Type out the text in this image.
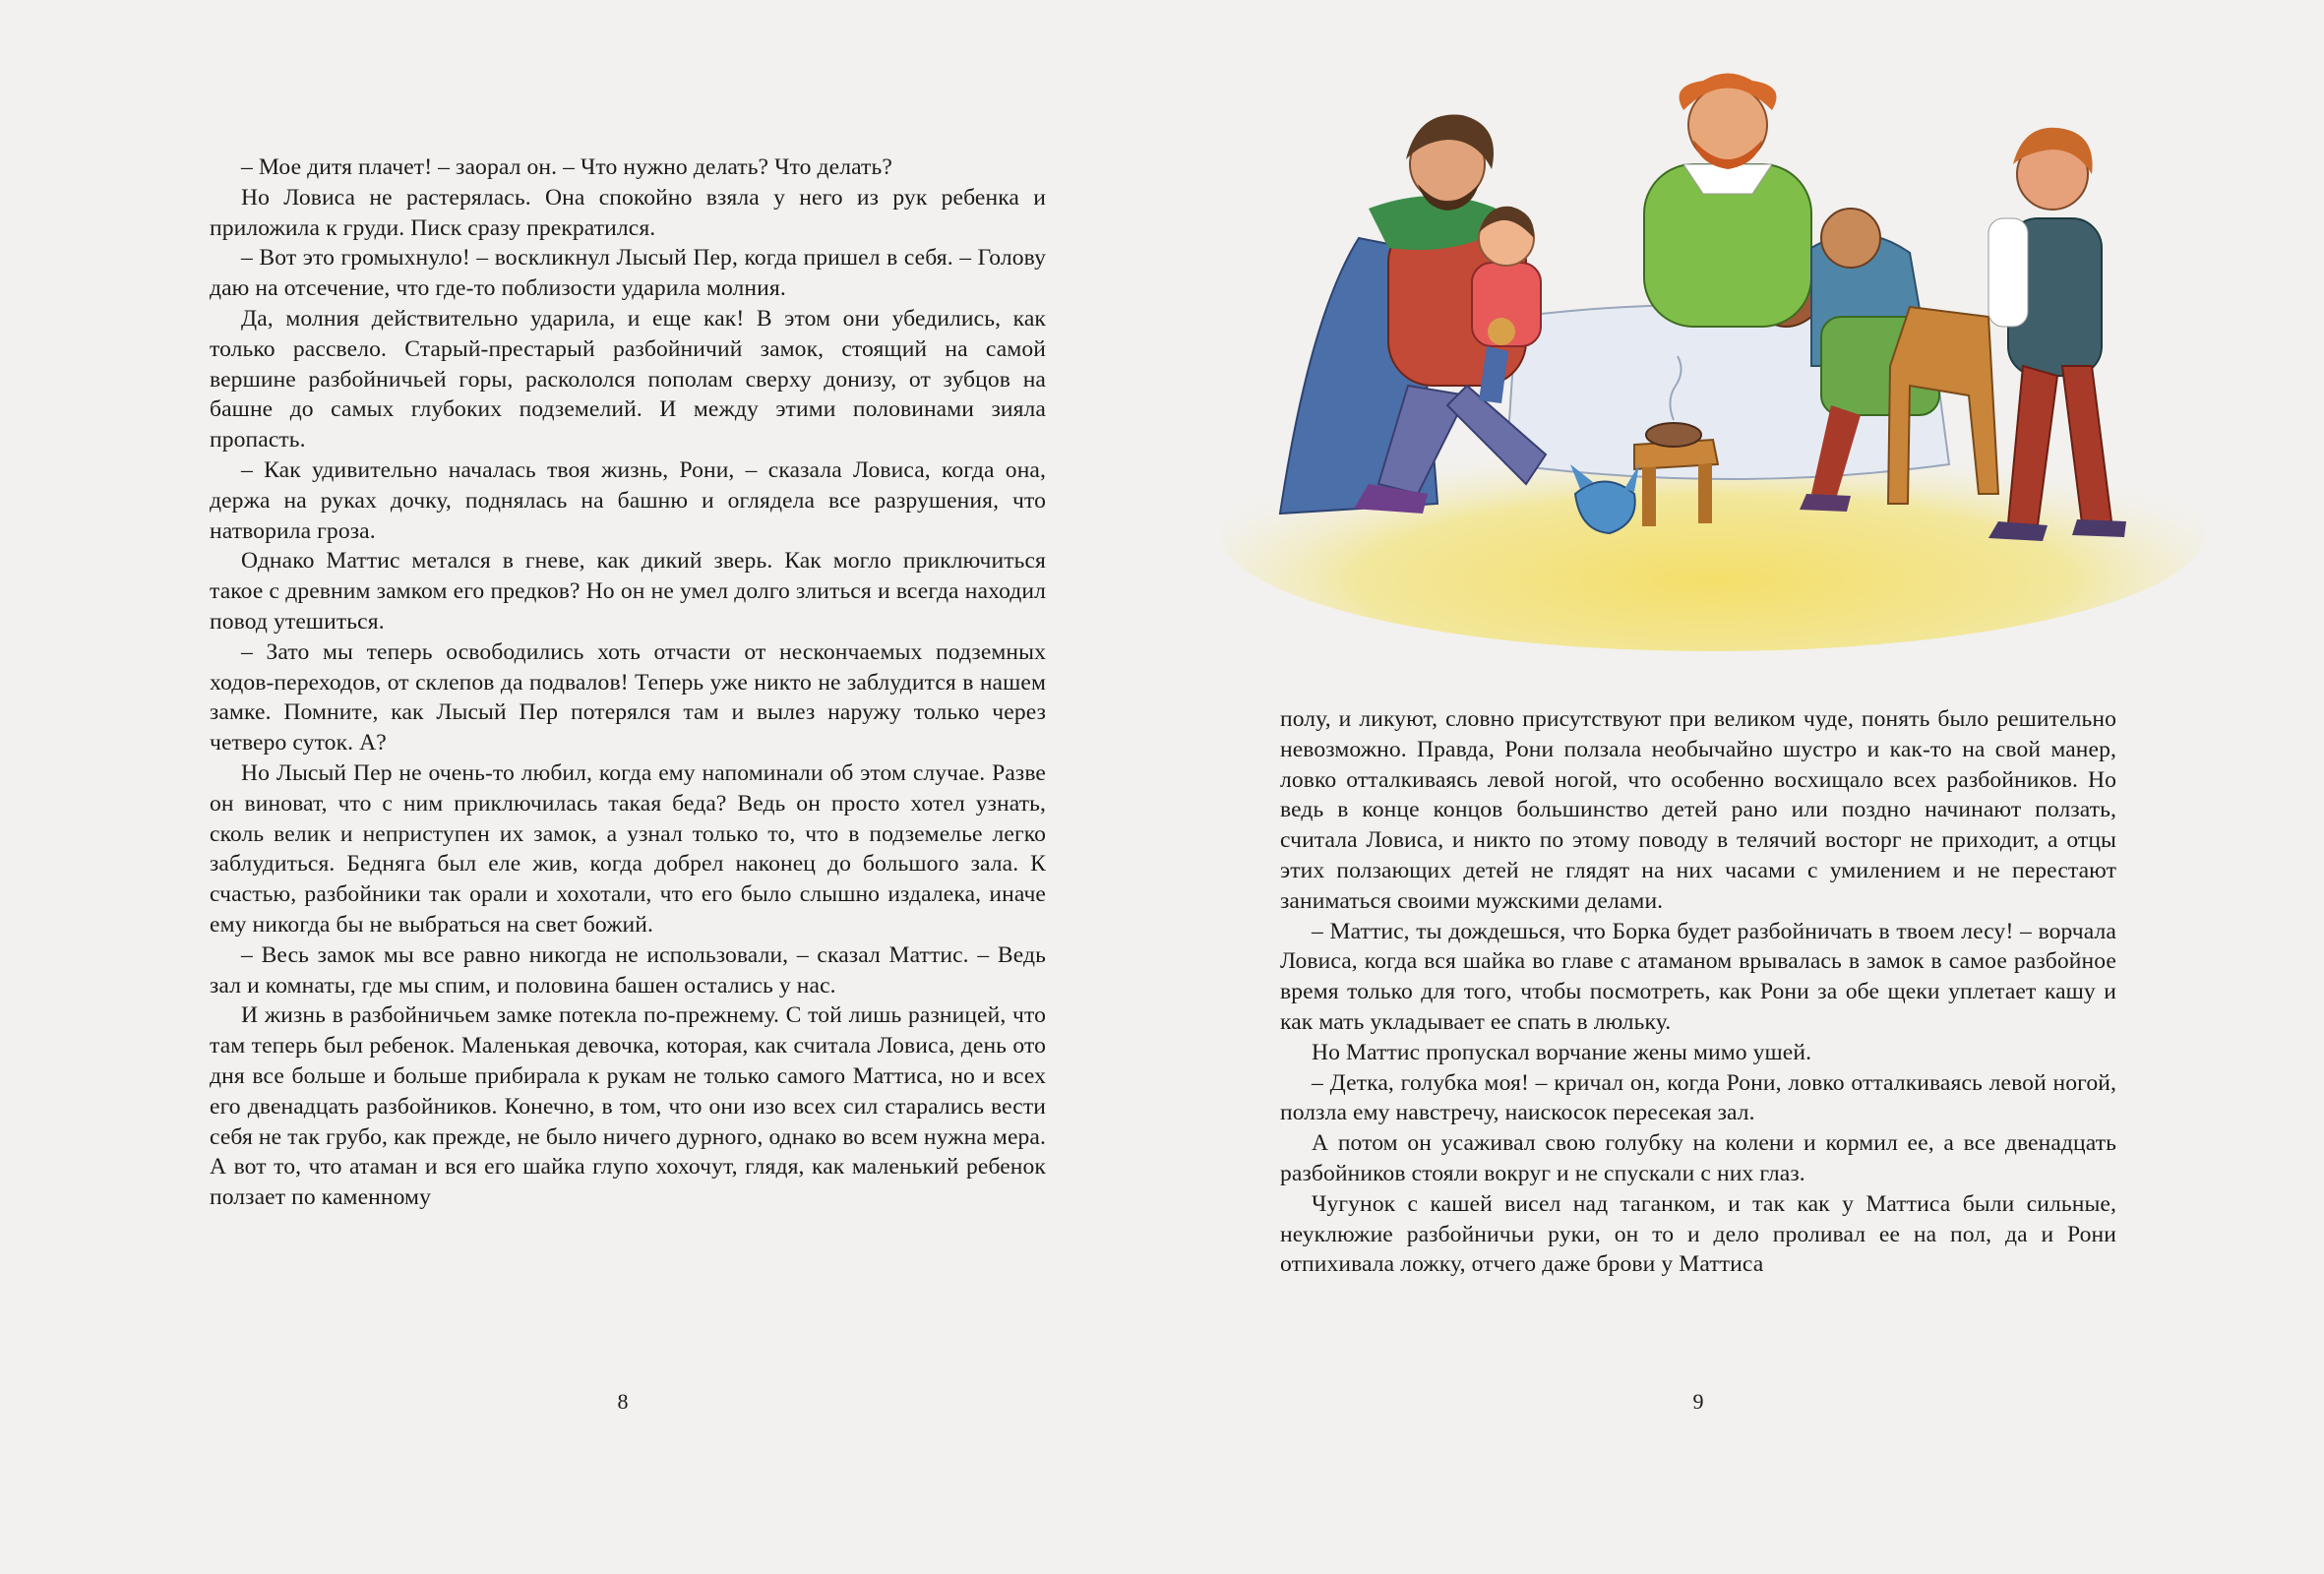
– Мое дитя плачет! – заорал он. – Что нужно делать? Что делать?

Но Ловиса не растерялась. Она спокойно взяла у него из рук ребенка и приложила к груди. Писк сразу прекратился.

– Вот это громыхнуло! – воскликнул Лысый Пер, когда пришел в себя. – Голову даю на отсечение, что где-то поблизости ударила молния.

Да, молния действительно ударила, и еще как! В этом они убедились, как только рассвело. Старый-престарый разбойничий замок, стоящий на самой вершине разбойничьей горы, раскололся пополам сверху донизу, от зубцов на башне до самых глубоких подземелий. И между этими половинами зияла пропасть.

– Как удивительно началась твоя жизнь, Рони, – сказала Ловиса, когда она, держа на руках дочку, поднялась на башню и оглядела все разрушения, что натворила гроза.

Однако Маттис метался в гневе, как дикий зверь. Как могло приключиться такое с древним замком его предков? Но он не умел долго злиться и всегда находил повод утешиться.

– Зато мы теперь освободились хоть отчасти от нескончаемых подземных ходов-переходов, от склепов да подвалов! Теперь уже никто не заблудится в нашем замке. Помните, как Лысый Пер потерялся там и вылез наружу только через четверо суток. А?

Но Лысый Пер не очень-то любил, когда ему напоминали об этом случае. Разве он виноват, что с ним приключилась такая беда? Ведь он просто хотел узнать, сколь велик и неприступен их замок, а узнал только то, что в подземелье легко заблудиться. Бедняга был еле жив, когда добрел наконец до большого зала. К счастью, разбойники так орали и хохотали, что его было слышно издалека, иначе ему никогда бы не выбраться на свет божий.

– Весь замок мы все равно никогда не использовали, – сказал Маттис. – Ведь зал и комнаты, где мы спим, и половина башен остались у нас.

И жизнь в разбойничьем замке потекла по-прежнему. С той лишь разницей, что там теперь был ребенок. Маленькая девочка, которая, как считала Ловиса, день ото дня все больше и больше прибирала к рукам не только самого Маттиса, но и всех его двенадцать разбойников. Конечно, в том, что они изо всех сил старались вести себя не так грубо, как прежде, не было ничего дурного, однако во всем нужна мера. А вот то, что атаман и вся его шайка глупо хохочут, глядя, как маленький ребенок ползает по каменному

8

полу, и ликуют, словно присутствуют при великом чуде, понять было решительно невозможно. Правда, Рони ползала необычайно шустро и как-то на свой манер, ловко отталкиваясь левой ногой, что особенно восхищало всех разбойников. Но ведь в конце концов большинство детей рано или поздно начинают ползать, считала Ловиса, и никто по этому поводу в телячий восторг не приходит, а отцы этих ползающих детей не глядят на них часами с умилением и не перестают заниматься своими мужскими делами.

– Маттис, ты дождешься, что Борка будет разбойничать в твоем лесу! – ворчала Ловиса, когда вся шайка во главе с атаманом врывалась в замок в самое разбойное время только для того, чтобы посмотреть, как Рони за обе щеки уплетает кашу и как мать укладывает ее спать в люльку.

Но Маттис пропускал ворчание жены мимо ушей.

– Детка, голубка моя! – кричал он, когда Рони, ловко отталкиваясь левой ногой, ползла ему навстречу, наискосок пересекая зал.

А потом он усаживал свою голубку на колени и кормил ее, а все двенадцать разбойников стояли вокруг и не спускали с них глаз.

Чугунок с кашей висел над таганком, и так как у Маттиса были сильные, неуклюжие разбойничьи руки, он то и дело проливал ее на пол, да и Рони отпихивала ложку, отчего даже брови у Маттиса

9
